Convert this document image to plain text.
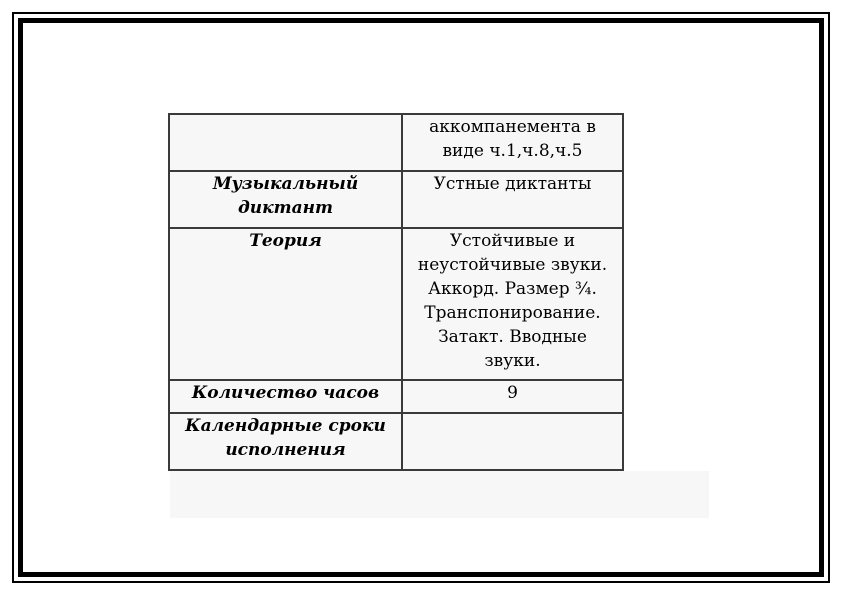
	аккомпанемента в виде ч.1,ч.8,ч.5
Музыкальный диктант	Устные диктанты
Теория	Устойчивые и неустойчивые звуки. Аккорд. Размер ¾. Транспонирование. Затакт. Вводные звуки.
Количество часов	9
Календарные сроки исполнения	
